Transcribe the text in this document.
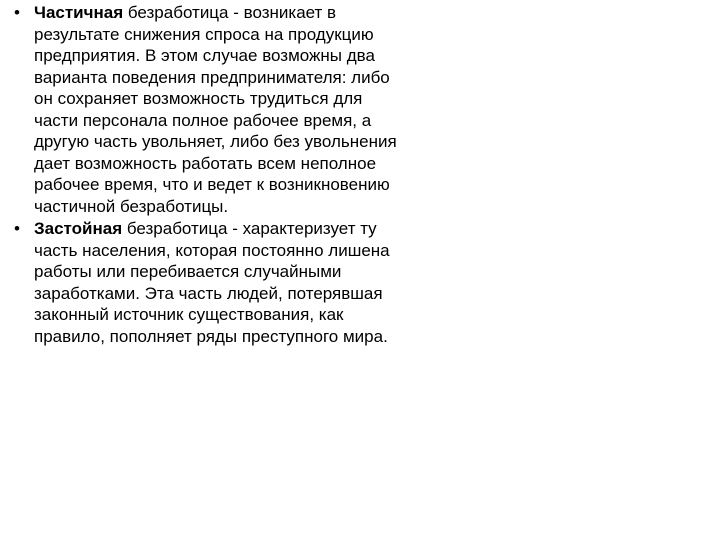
• Частичная безработица - возникает в результате снижения спроса на продукцию предприятия. В этом случае возможны два варианта поведения предпринимателя: либо он сохраняет возможность трудиться для части персонала полное рабочее время, а другую часть увольняет, либо без увольнения дает возможность работать всем неполное рабочее время, что и ведет к возникновению частичной безработицы.
• Застойная безработица - характеризует ту часть населения, которая постоянно лишена работы или перебивается случайными заработками. Эта часть людей, потерявшая законный источник существования, как правило, пополняет ряды преступного мира.
